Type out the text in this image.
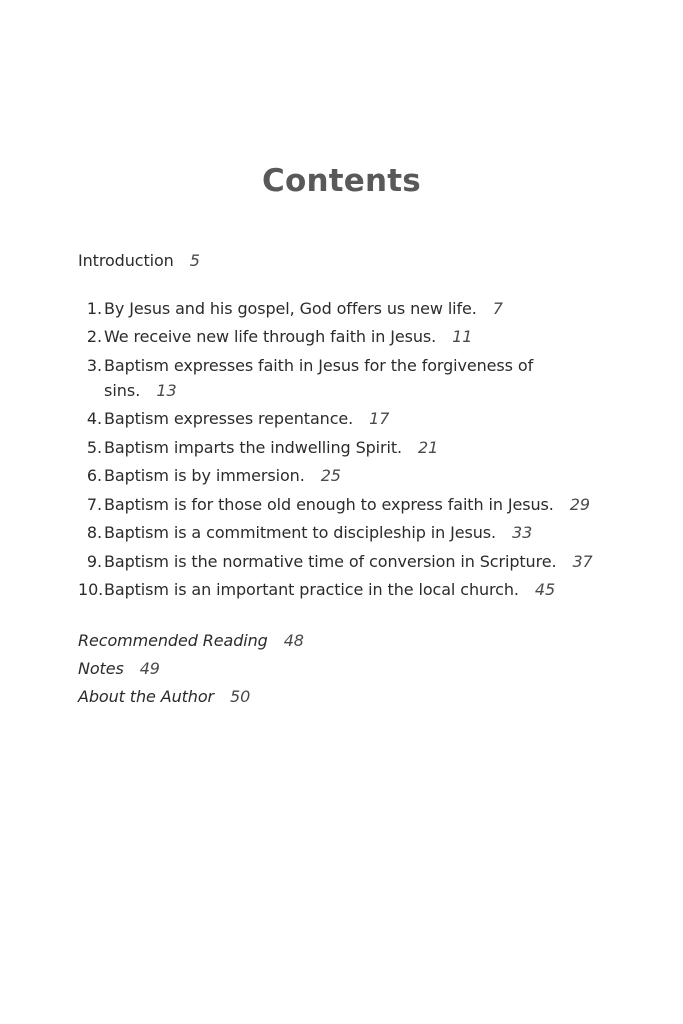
Contents
Introduction 5
1. By Jesus and his gospel, God offers us new life. 7
2. We receive new life through faith in Jesus. 11
3. Baptism expresses faith in Jesus for the forgiveness of
sins. 13
4. Baptism expresses repentance. 17
5. Baptism imparts the indwelling Spirit. 21
6. Baptism is by immersion. 25
7. Baptism is for those old enough to express faith in Jesus. 29
8. Baptism is a commitment to discipleship in Jesus. 33
9. Baptism is the normative time of conversion in Scripture. 37
10. Baptism is an important practice in the local church. 45
Recommended Reading 48
Notes 49
About the Author 50
